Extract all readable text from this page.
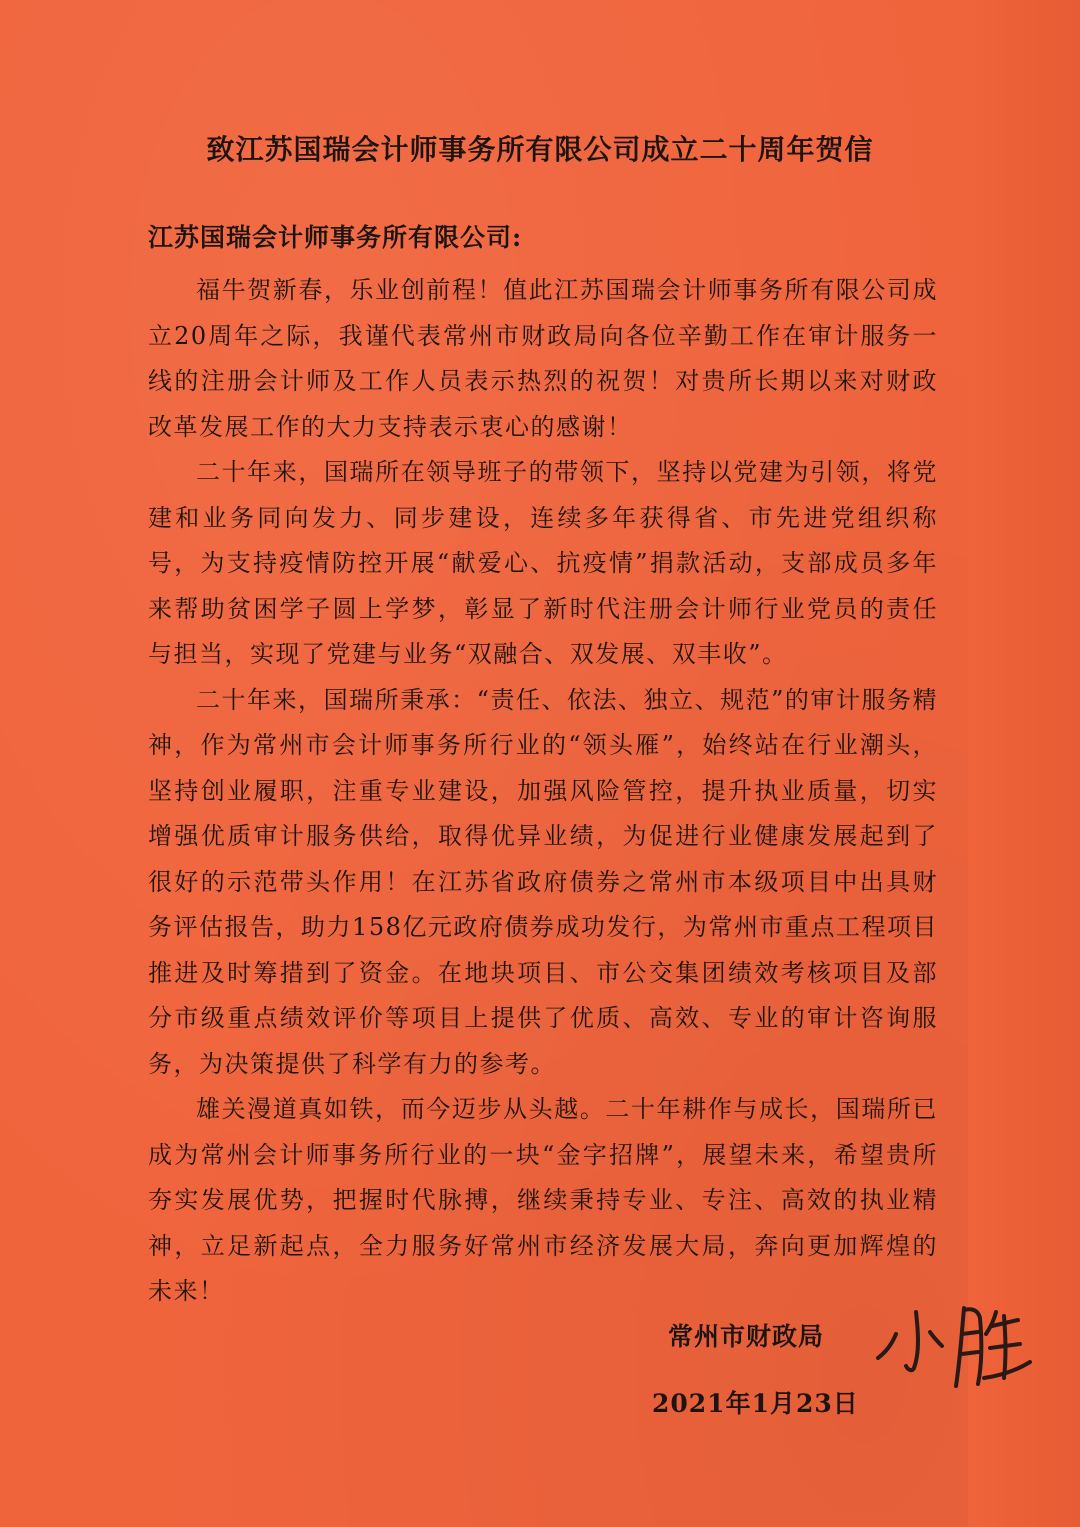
致江苏国瑞会计师事务所有限公司成立二十周年贺信
江苏国瑞会计师事务所有限公司:

福牛贺新春，乐业创前程！值此江苏国瑞会计师事务所有限公司成立20周年之际，我谨代表常州市财政局向各位辛勤工作在审计服务一线的注册会计师及工作人员表示热烈的祝贺！对贵所长期以来对财政改革发展工作的大力支持表示衷心的感谢！

二十年来，国瑞所在领导班子的带领下，坚持以党建为引领，将党建和业务同向发力、同步建设，连续多年获得省、市先进党组织称号，为支持疫情防控开展“献爱心、抗疫情”捐款活动，支部成员多年来帮助贫困学子圆上学梦，彰显了新时代注册会计师行业党员的责任与担当，实现了党建与业务“双融合、双发展、双丰收”。

二十年来，国瑞所秉承：“责任、依法、独立、规范”的审计服务精神，作为常州市会计师事务所行业的“领头雁”，始终站在行业潮头，坚持创业履职，注重专业建设，加强风险管控，提升执业质量，切实增强优质审计服务供给，取得优异业绩，为促进行业健康发展起到了很好的示范带头作用！在江苏省政府债券之常州市本级项目中出具财务评估报告，助力158亿元政府债券成功发行，为常州市重点工程项目推进及时筹措到了资金。在地块项目、市公交集团绩效考核项目及部分市级重点绩效评价等项目上提供了优质、高效、专业的审计咨询服务，为决策提供了科学有力的参考。

雄关漫道真如铁，而今迈步从头越。二十年耕作与成长，国瑞所已成为常州会计师事务所行业的一块“金字招牌”，展望未来，希望贵所夯实发展优势，把握时代脉搏，继续秉持专业、专注、高效的执业精神，立足新起点，全力服务好常州市经济发展大局，奔向更加辉煌的未来！

常州市财政局
2021年1月23日
